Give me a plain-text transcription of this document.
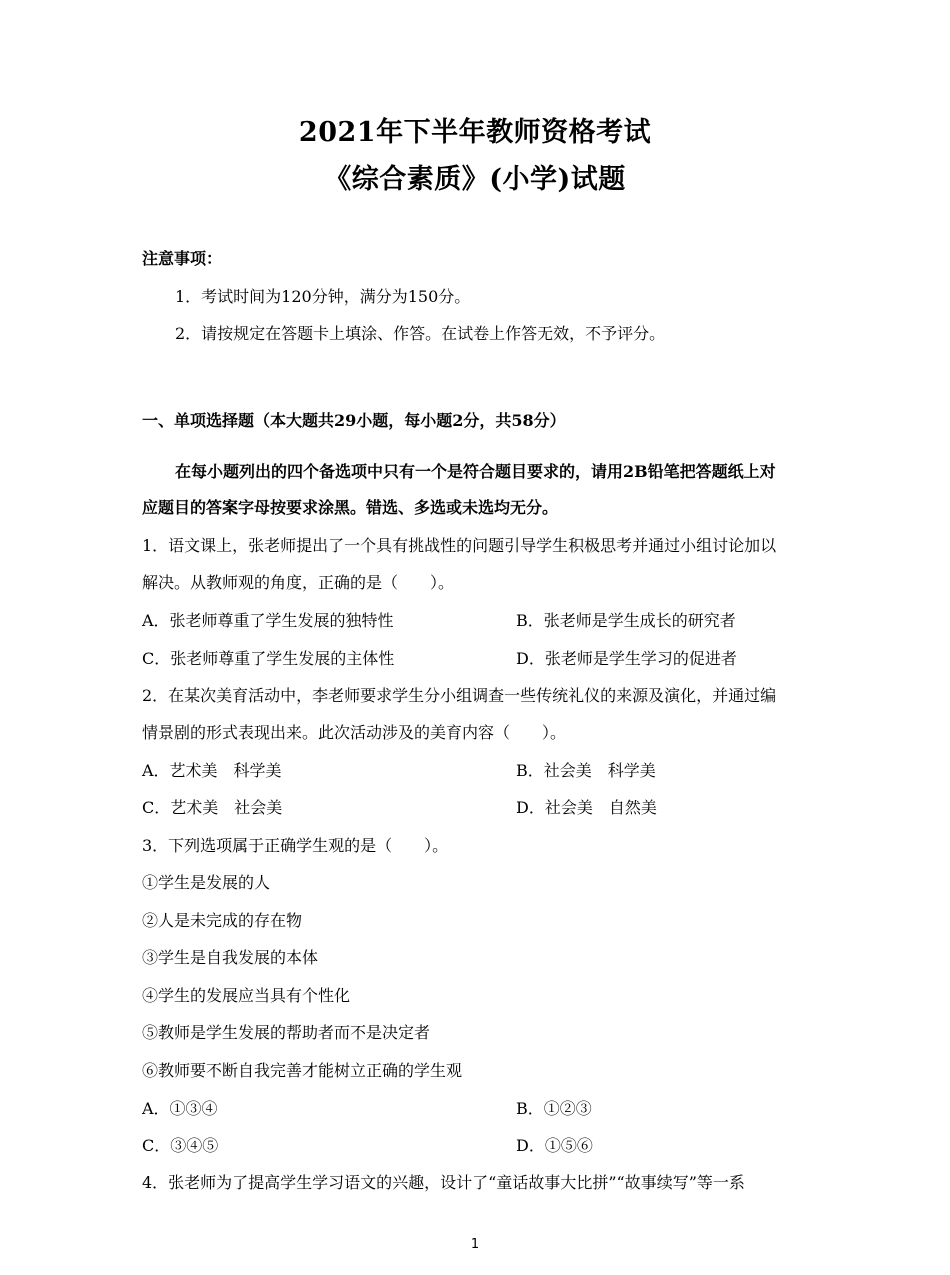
2021年下半年教师资格考试
《综合素质》(小学)试题
注意事项：
1．考试时间为120分钟，满分为150分。
2．请按规定在答题卡上填涂、作答。在试卷上作答无效，不予评分。
一、单项选择题（本大题共29小题，每小题2分，共58分）
在每小题列出的四个备选项中只有一个是符合题目要求的，请用2B铅笔把答题纸上对
应题目的答案字母按要求涂黑。错选、多选或未选均无分。
1．语文课上，张老师提出了一个具有挑战性的问题引导学生积极思考并通过小组讨论加以
解决。从教师观的角度，正确的是（　　）。
A．张老师尊重了学生发展的独特性	B．张老师是学生成长的研究者
C．张老师尊重了学生发展的主体性	D．张老师是学生学习的促进者
2．在某次美育活动中，李老师要求学生分小组调查一些传统礼仪的来源及演化，并通过编
情景剧的形式表现出来。此次活动涉及的美育内容（　　）。
A．艺术美　科学美	B．社会美　科学美
C．艺术美　社会美	D．社会美　自然美
3．下列选项属于正确学生观的是（　　）。
①学生是发展的人
②人是未完成的存在物
③学生是自我发展的本体
④学生的发展应当具有个性化
⑤教师是学生发展的帮助者而不是决定者
⑥教师要不断自我完善才能树立正确的学生观
A．①③④	B．①②③
C．③④⑤	D．①⑤⑥
4．张老师为了提高学生学习语文的兴趣，设计了“童话故事大比拼”“故事续写”等一系
1
